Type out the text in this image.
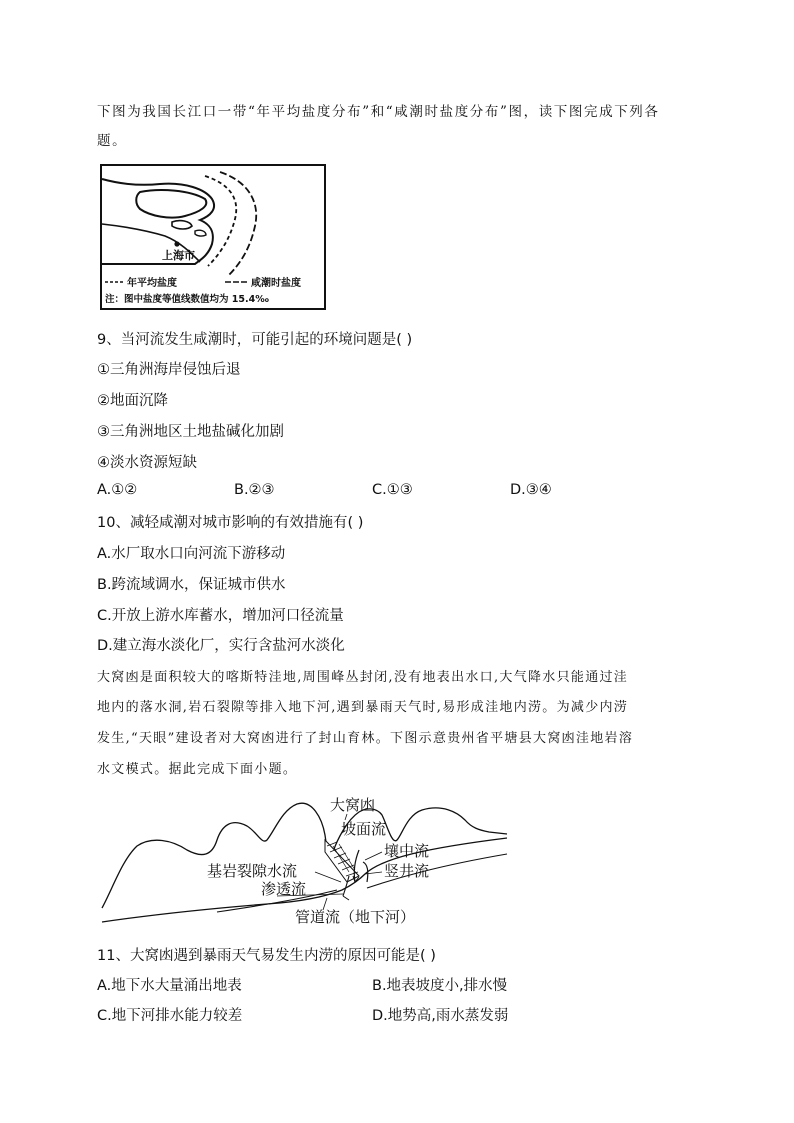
下图为我国长江口一带“年平均盐度分布”和“咸潮时盐度分布”图，读下图完成下列各
题。
上海市
年平均盐度	咸潮时盐度
注：图中盐度等值线数值均为 15.4‰
9、当河流发生咸潮时，可能引起的环境问题是( )
①三角洲海岸侵蚀后退
②地面沉降
③三角洲地区土地盐碱化加剧
④淡水资源短缺
A.①②	B.②③	C.①③	D.③④
10、减轻咸潮对城市影响的有效措施有( )
A.水厂取水口向河流下游移动
B.跨流域调水，保证城市供水
C.开放上游水库蓄水，增加河口径流量
D.建立海水淡化厂，实行含盐河水淡化
大窝凼是面积较大的喀斯特洼地,周围峰丛封闭,没有地表出水口,大气降水只能通过洼
地内的落水洞,岩石裂隙等排入地下河,遇到暴雨天气时,易形成洼地内涝。为减少内涝
发生,“天眼”建设者对大窝凼进行了封山育林。下图示意贵州省平塘县大窝凼洼地岩溶
水文模式。据此完成下面小题。
大窝凼
坡面流
壤中流
基岩裂隙水流	竖井流
渗透流
管道流（地下河）
11、大窝凼遇到暴雨天气易发生内涝的原因可能是( )
A.地下水大量涌出地表	B.地表坡度小,排水慢
C.地下河排水能力较差	D.地势高,雨水蒸发弱
